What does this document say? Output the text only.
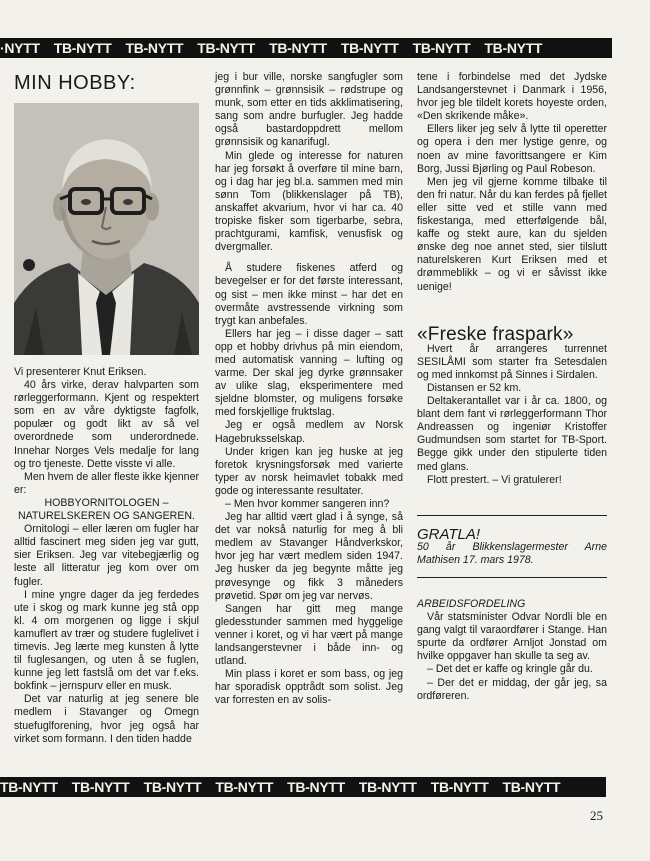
·NYTT TB-NYTT TB-NYTT TB-NYTT TB-NYTT TB-NYTT TB-NYTT TB-NYTT
MIN HOBBY:

Vi presenterer Knut Eriksen.

40 års virke, derav halvparten som rørleggerformann. Kjent og respektert som en av våre dyktigste fagfolk, populær og godt likt av så vel overordnede som underordnede. Innehar Norges Vels medalje for lang og tro tjeneste. Dette visste vi alle.

Men hvem de aller fleste ikke kjenner er:

HOBBYORNITOLOGEN – NATURELSKEREN OG SANGEREN.

Ornitologi – eller læren om fugler har alltid fascinert meg siden jeg var gutt, sier Eriksen. Jeg var vitebegjærlig og leste all litteratur jeg kom over om fugler.

I mine yngre dager da jeg ferdedes ute i skog og mark kunne jeg stå opp kl. 4 om morgenen og ligge i skjul kamuflert av trær og studere fuglelivet i timevis. Jeg lærte meg kunsten å lytte til fuglesangen, og uten å se fuglen, kunne jeg lett fastslå om det var f.eks. bokfink – jernspurv eller en musk.

Det var naturlig at jeg senere ble medlem i Stavanger og Omegn stuefuglforening, hvor jeg også har virket som formann. I den tiden hadde

jeg i bur ville, norske sangfugler som grønnfink – grønnsisik – rødstrupe og munk, som etter en tids akklimatisering, sang som andre burfugler. Jeg hadde også bastardoppdrett mellom grønnsisik og kanarifugl.

Min glede og interesse for naturen har jeg forsøkt å overføre til mine barn, og i dag har jeg bl.a. sammen med min sønn Tom (blikkenslager på TB), anskaffet akvarium, hvor vi har ca. 40 tropiske fisker som tigerbarbe, sebra, prachtgurami, kamfisk, venusfisk og dvergmaller.

Å studere fiskenes atferd og bevegelser er for det første interessant, og sist – men ikke minst – har det en overmåte avstressende virkning som trygt kan anbefales.

Ellers har jeg – i disse dager – satt opp et hobby drivhus på min eiendom, med automatisk vanning – lufting og varme. Der skal jeg dyrke grønnsaker av ulike slag, eksperimentere med sjeldne blomster, og muligens forsøke med forskjellige fruktslag.

Jeg er også medlem av Norsk Hagebruksselskap.

Under krigen kan jeg huske at jeg foretok krysningsforsøk med varierte typer av norsk heimavlet tobakk med gode og interessante resultater.

– Men hvor kommer sangeren inn?

Jeg har alltid vært glad i å synge, så det var nokså naturlig for meg å bli medlem av Stavanger Håndverkskor, hvor jeg har vært medlem siden 1947. Jeg husker da jeg begynte måtte jeg prøvesynge og fikk 3 måneders prøvetid. Spør om jeg var nervøs.

Sangen har gitt meg mange gledesstunder sammen med hyggelige venner i koret, og vi har vært på mange landsangerstevner i både inn- og utland.

Min plass i koret er som bass, og jeg har sporadisk opptrådt som solist. Jeg var forresten en av solis-

tene i forbindelse med det Jydske Landsangerstevnet i Danmark i 1956, hvor jeg ble tildelt korets hoyeste orden, «Den skrikende måke».

Ellers liker jeg selv å lytte til operetter og opera i den mer lystige genre, og noen av mine favorittsangere er Kim Borg, Jussi Bjørling og Paul Robeson.

Men jeg vil gjerne komme tilbake til den fri natur. Når du kan ferdes på fjellet eller sitte ved et stille vann med fiskestanga, med etterfølgende bål, kaffe og stekt aure, kan du sjelden ønske deg noe annet sted, sier tilslutt naturelskeren Kurt Eriksen med et drømmeblikk – og vi er såvisst ikke uenige!

«Freske fraspark»

Hvert år arrangeres turrennet SESILÅMI som starter fra Setesdalen og med innkomst på Sinnes i Sirdalen.

Distansen er 52 km.

Deltakerantallet var i år ca. 1800, og blant dem fant vi rørleggerformann Thor Andreassen og ingeniør Kristoffer Gudmundsen som startet for TB-Sport. Begge gikk under den stipulerte tiden med glans.

Flott prestert. – Vi gratulerer!

GRATLA!

50 år Blikkenslagermester Arne Mathisen 17. mars 1978.

ARBEIDSFORDELING

Vår statsminister Odvar Nordli ble en gang valgt til varaordfører i Stange. Han spurte da ordfører Arnljot Jonstad om hvilke oppgaver han skulle ta seg av.

– Det det er kaffe og kringle går du.

– Der det er middag, der går jeg, sa ordføreren.

TB-NYTT TB-NYTT TB-NYTT TB-NYTT TB-NYTT TB-NYTT TB-NYTT TB-NYTT
25
